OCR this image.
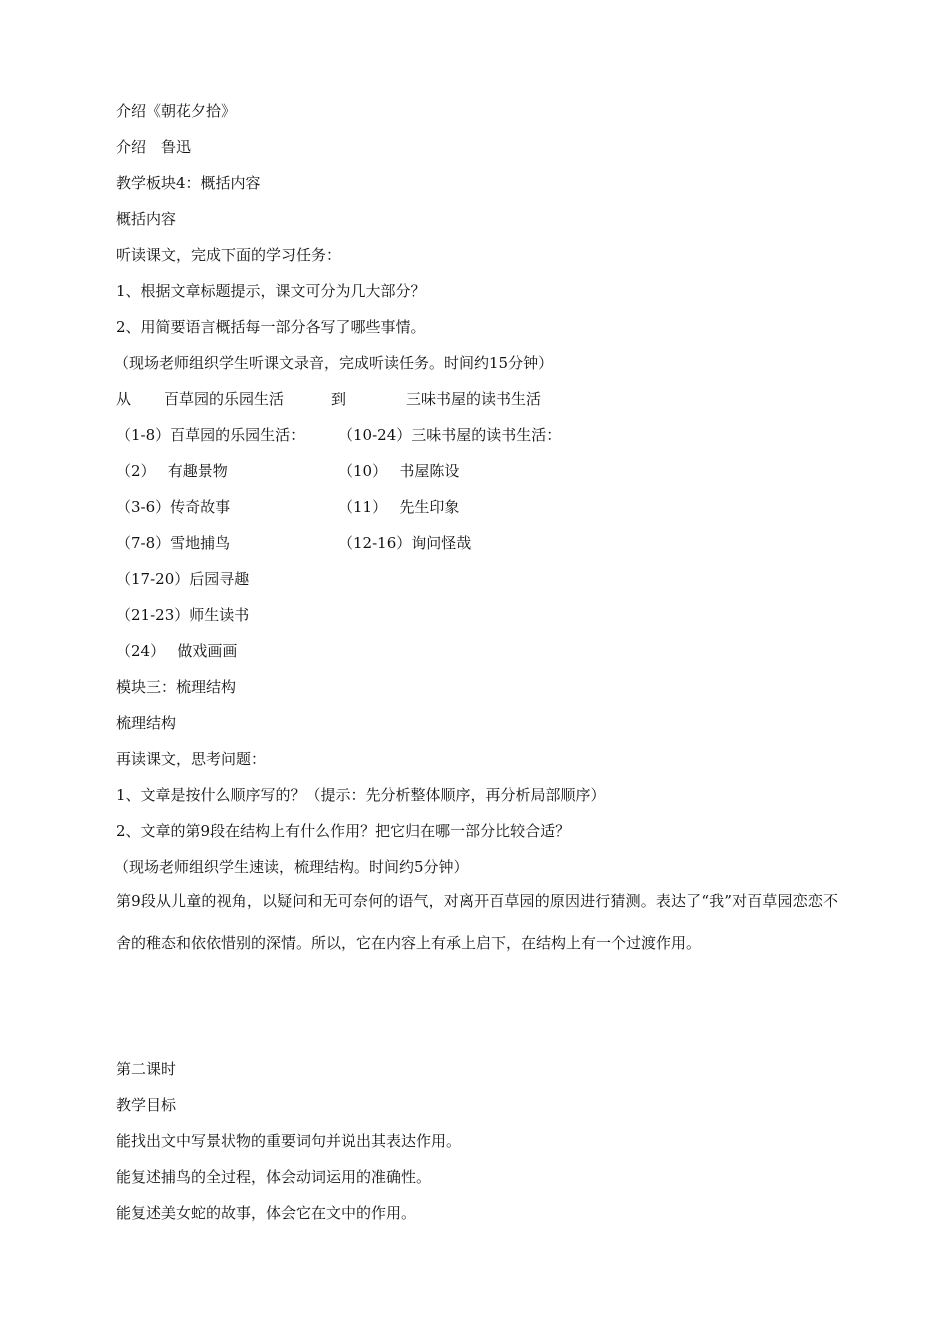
介绍《朝花夕拾》
介绍　鲁迅
教学板块4：概括内容
概括内容
听读课文，完成下面的学习任务：
1、根据文章标题提示，课文可分为几大部分？
2、用简要语言概括每一部分各写了哪些事情。
（现场老师组织学生听课文录音，完成听读任务。时间约15分钟）
从 百草园的乐园生活	到	三味书屋的读书生活
（1-8）百草园的乐园生活： （10-24）三味书屋的读书生活：
（2）　 有趣景物	（10）　 书屋陈设
（3-6）传奇故事	（11）　 先生印象
（7-8）雪地捕鸟	（12-16）询问怪哉
（17-20）后园寻趣
（21-23）师生读书
（24）　 做戏画画
模块三：梳理结构
梳理结构
再读课文，思考问题：
1、文章是按什么顺序写的？（提示：先分析整体顺序，再分析局部顺序）
2、文章的第9段在结构上有什么作用？把它归在哪一部分比较合适？
（现场老师组织学生速读，梳理结构。时间约5分钟）
第9段从儿童的视角，以疑问和无可奈何的语气，对离开百草园的原因进行猜测。表达了“我”对百草园恋恋不舍的稚态和依依惜别的深情。所以，它在内容上有承上启下，在结构上有一个过渡作用。
第二课时
教学目标
能找出文中写景状物的重要词句并说出其表达作用。
能复述捕鸟的全过程，体会动词运用的准确性。
能复述美女蛇的故事，体会它在文中的作用。
